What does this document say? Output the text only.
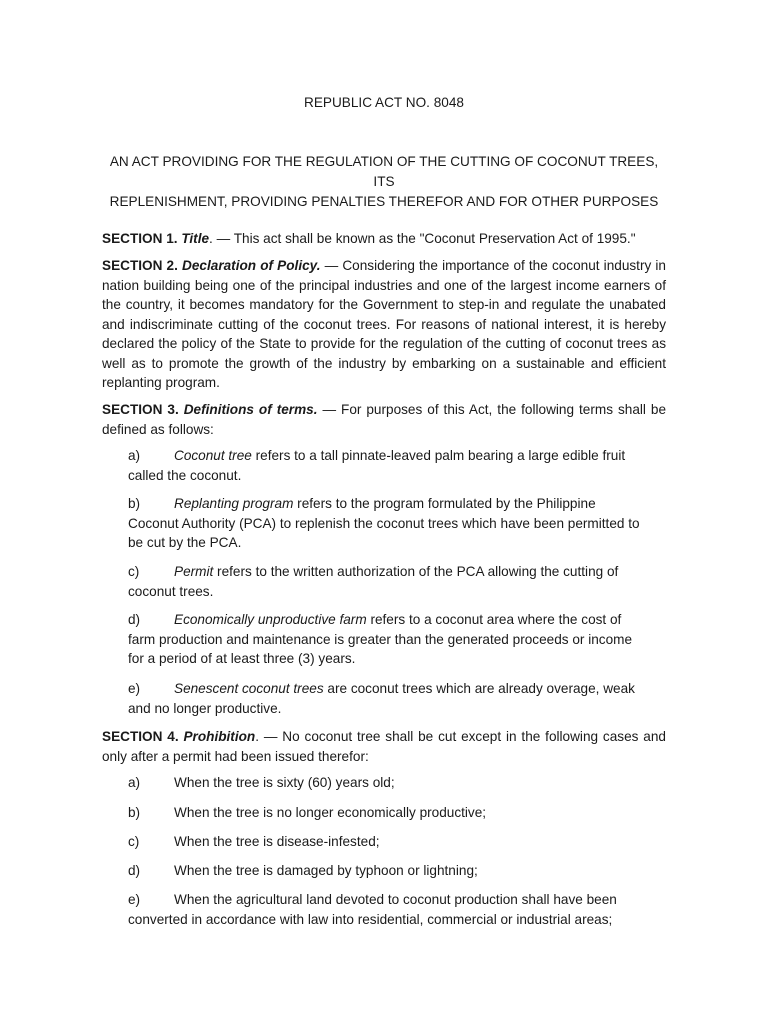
REPUBLIC ACT NO. 8048
AN ACT PROVIDING FOR THE REGULATION OF THE CUTTING OF COCONUT TREES, ITS
REPLENISHMENT, PROVIDING PENALTIES THEREFOR AND FOR OTHER PURPOSES
SECTION 1. Title. — This act shall be known as the "Coconut Preservation Act of 1995."
SECTION 2. Declaration of Policy. — Considering the importance of the coconut industry in nation building being one of the principal industries and one of the largest income earners of the country, it becomes mandatory for the Government to step-in and regulate the unabated and indiscriminate cutting of the coconut trees. For reasons of national interest, it is hereby declared the policy of the State to provide for the regulation of the cutting of coconut trees as well as to promote the growth of the industry by embarking on a sustainable and efficient replanting program.
SECTION 3. Definitions of terms. — For purposes of this Act, the following terms shall be defined as follows:
a) Coconut tree refers to a tall pinnate-leaved palm bearing a large edible fruit called the coconut.
b) Replanting program refers to the program formulated by the Philippine Coconut Authority (PCA) to replenish the coconut trees which have been permitted to be cut by the PCA.
c)	Permit refers to the written authorization of the PCA allowing the cutting of coconut trees.
d) Economically unproductive farm refers to a coconut area where the cost of farm production and maintenance is greater than the generated proceeds or income for a period of at least three (3) years.
e) Senescent coconut trees are coconut trees which are already overage, weak and no longer productive.
SECTION 4. Prohibition. — No coconut tree shall be cut except in the following cases and only after a permit had been issued therefor:
a) When the tree is sixty (60) years old;
b) When the tree is no longer economically productive;
c)	When the tree is disease-infested;
d) When the tree is damaged by typhoon or lightning;
e) When the agricultural land devoted to coconut production shall have been converted in accordance with law into residential, commercial or industrial areas;
